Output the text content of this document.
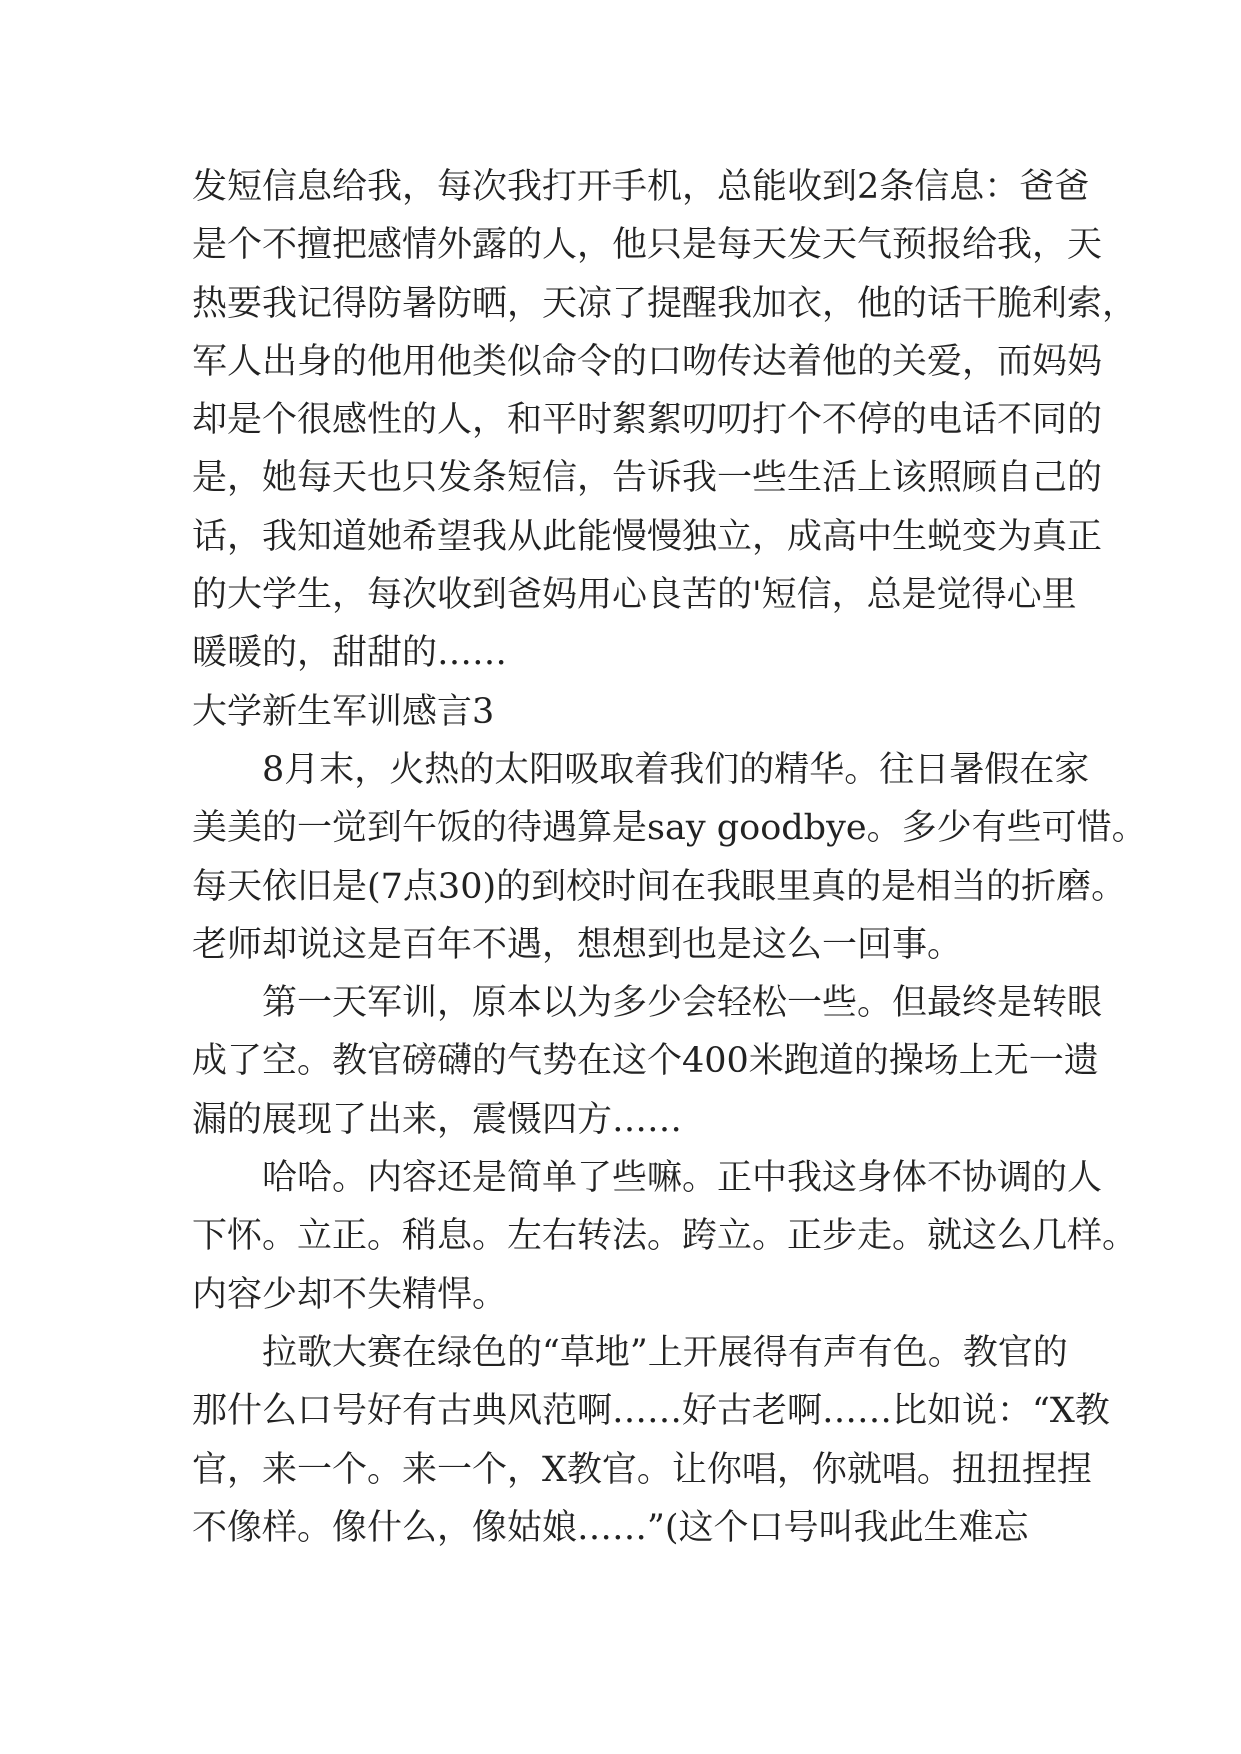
发短信息给我，每次我打开手机，总能收到2条信息：爸爸
是个不擅把感情外露的人，他只是每天发天气预报给我，天
热要我记得防暑防晒，天凉了提醒我加衣，他的话干脆利索，
军人出身的他用他类似命令的口吻传达着他的关爱，而妈妈
却是个很感性的人，和平时絮絮叨叨打个不停的电话不同的
是，她每天也只发条短信，告诉我一些生活上该照顾自己的
话，我知道她希望我从此能慢慢独立，成高中生蜕变为真正
的大学生，每次收到爸妈用心良苦的'短信，总是觉得心里
暖暖的，甜甜的……
大学新生军训感言3
8月末，火热的太阳吸取着我们的精华。往日暑假在家
美美的一觉到午饭的待遇算是say goodbye。多少有些可惜。
每天依旧是(7点30)的到校时间在我眼里真的是相当的折磨。
老师却说这是百年不遇，想想到也是这么一回事。
第一天军训，原本以为多少会轻松一些。但最终是转眼
成了空。教官磅礴的气势在这个400米跑道的操场上无一遗
漏的展现了出来，震慑四方……
哈哈。内容还是简单了些嘛。正中我这身体不协调的人
下怀。立正。稍息。左右转法。跨立。正步走。就这么几样。
内容少却不失精悍。
拉歌大赛在绿色的“草地”上开展得有声有色。教官的
那什么口号好有古典风范啊……好古老啊……比如说：“X教
官，来一个。来一个，X教官。让你唱，你就唱。扭扭捏捏
不像样。像什么，像姑娘……”(这个口号叫我此生难忘
